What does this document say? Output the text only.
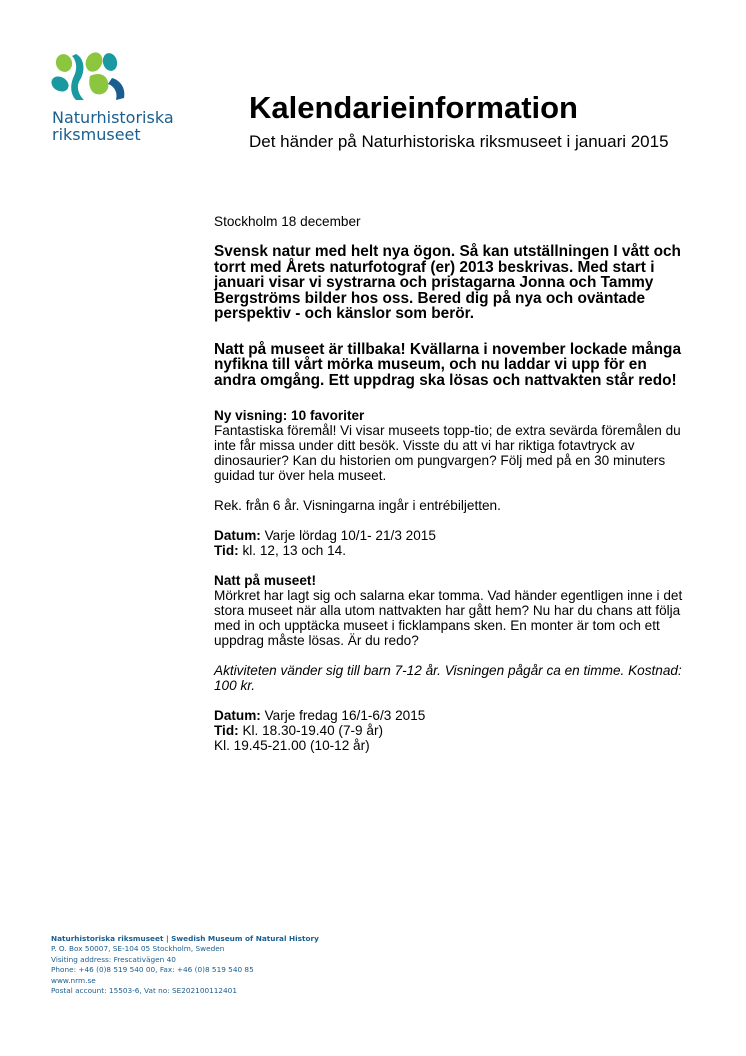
Naturhistoriska
riksmuseet
Kalendarieinformation

Det händer på Naturhistoriska riksmuseet i januari 2015

Stockholm 18 december

Svensk natur med helt nya ögon. Så kan utställningen I vått och torrt med Årets naturfotograf (er) 2013 beskrivas. Med start i januari visar vi systrarna och pristagarna Jonna och Tammy Bergströms bilder hos oss. Bered dig på nya och oväntade perspektiv - och känslor som berör.

Natt på museet är tillbaka! Kvällarna i november lockade många nyfikna till vårt mörka museum, och nu laddar vi upp för en andra omgång. Ett uppdrag ska lösas och nattvakten står redo!

Ny visning: 10 favoriter

Fantastiska föremål! Vi visar museets topp-tio; de extra sevärda föremålen du inte får missa under ditt besök. Visste du att vi har riktiga fotavtryck av dinosaurier? Kan du historien om pungvargen? Följ med på en 30 minuters guidad tur över hela museet.

Rek. från 6 år. Visningarna ingår i entrébiljetten.

Datum: Varje lördag 10/1- 21/3 2015

Tid: kl. 12, 13 och 14.

Natt på museet!

Mörkret har lagt sig och salarna ekar tomma. Vad händer egentligen inne i det stora museet när alla utom nattvakten har gått hem? Nu har du chans att följa med in och upptäcka museet i ficklampans sken. En monter är tom och ett uppdrag måste lösas. Är du redo?

Aktiviteten vänder sig till barn 7-12 år. Visningen pågår ca en timme. Kostnad: 100 kr.

Datum: Varje fredag 16/1-6/3 2015

Tid: Kl. 18.30-19.40 (7-9 år)

Kl. 19.45-21.00 (10-12 år)

Naturhistoriska riksmuseet | Swedish Museum of Natural History
P. O. Box 50007, SE-104 05 Stockholm, Sweden
Visiting address: Frescativägen 40
Phone: +46 (0)8 519 540 00, Fax: +46 (0)8 519 540 85
www.nrm.se
Postal account: 15503-6, Vat no: SE202100112401
